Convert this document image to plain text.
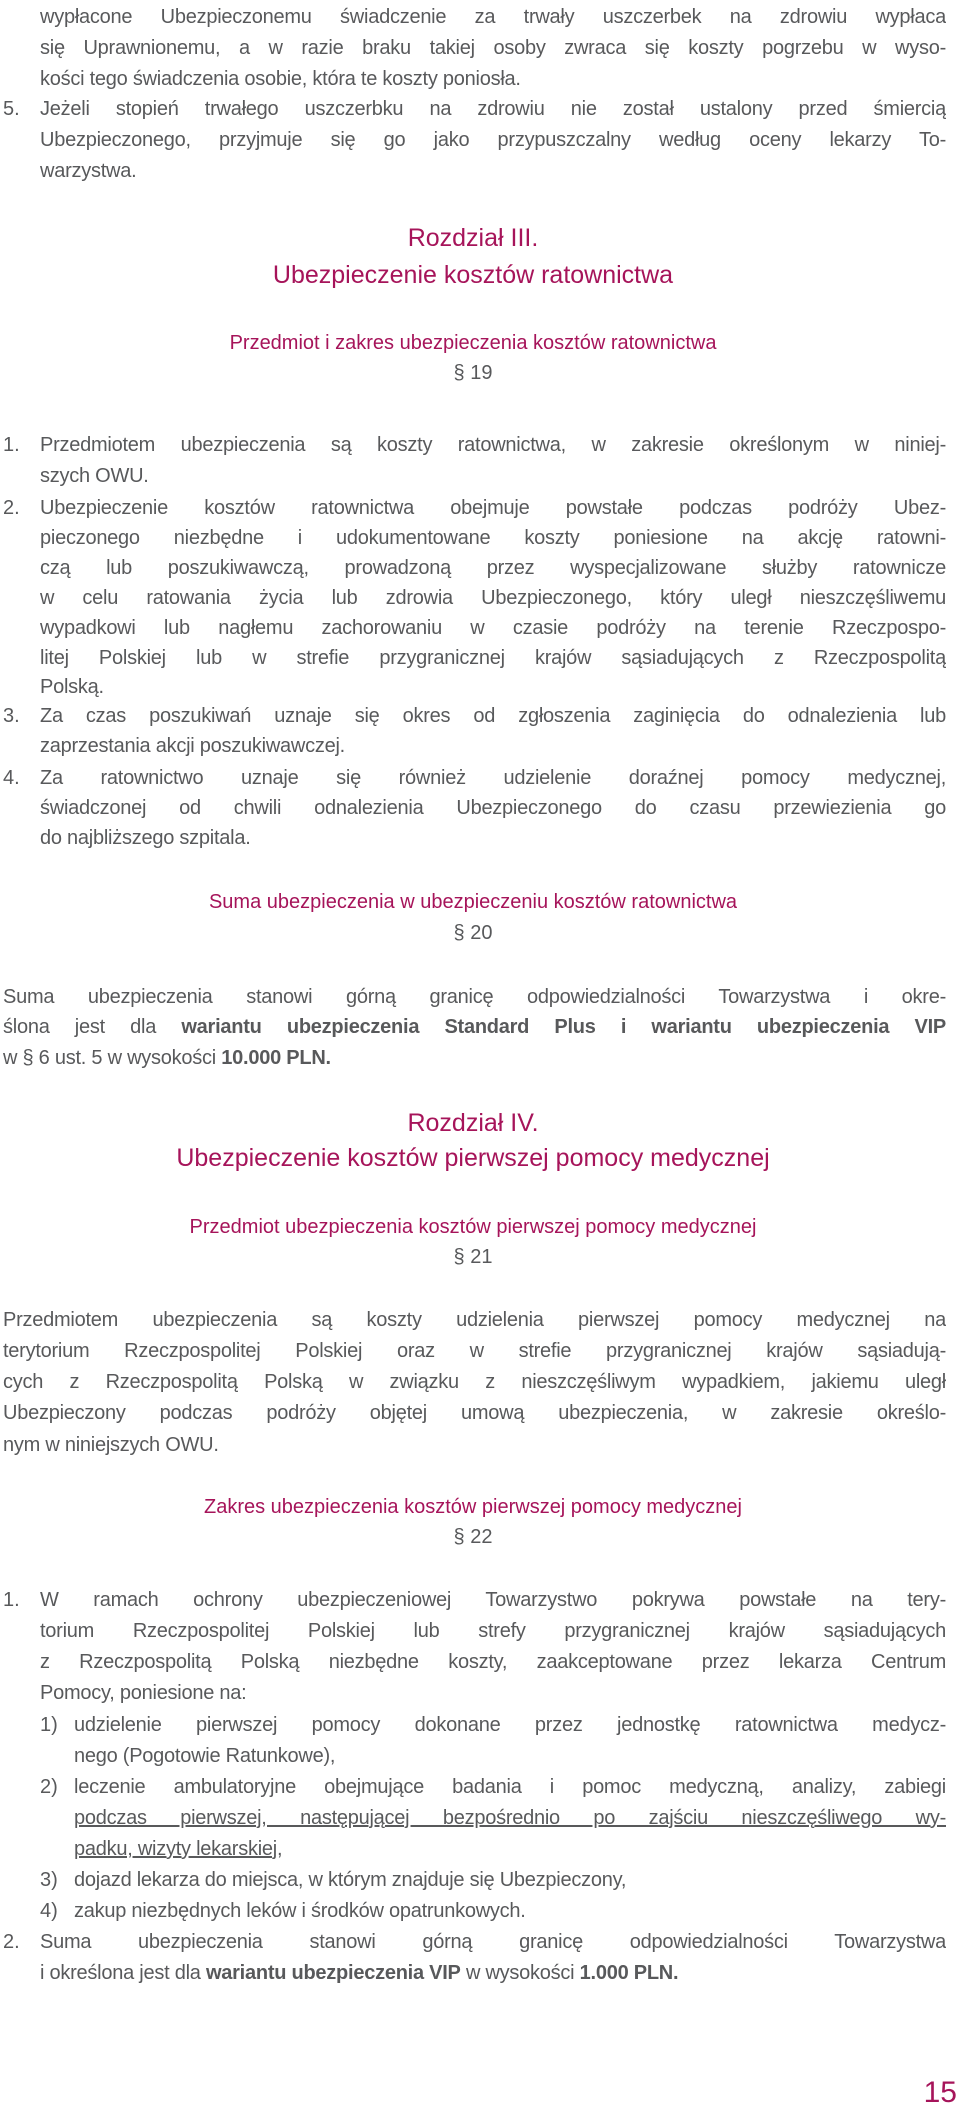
wypłacone Ubezpieczonemu świadczenie za trwały uszczerbek na zdrowiu wypłaca
się Uprawnionemu, a w razie braku takiej osoby zwraca się koszty pogrzebu w wyso-
kości tego świadczenia osobie, która te koszty poniosła.
5. Jeżeli stopień trwałego uszczerbku na zdrowiu nie został ustalony przed śmiercią
Ubezpieczonego, przyjmuje się go jako przypuszczalny według oceny lekarzy To-
warzystwa.
Rozdział III.
Ubezpieczenie kosztów ratownictwa
Przedmiot i zakres ubezpieczenia kosztów ratownictwa
§ 19
1. Przedmiotem ubezpieczenia są koszty ratownictwa, w zakresie określonym w niniej-
szych OWU.
2. Ubezpieczenie kosztów ratownictwa obejmuje powstałe podczas podróży Ubez-
pieczonego niezbędne i udokumentowane koszty poniesione na akcję ratowni-
czą lub poszukiwawczą, prowadzoną przez wyspecjalizowane służby ratownicze
w celu ratowania życia lub zdrowia Ubezpieczonego, który uległ nieszczęśliwemu
wypadkowi lub nagłemu zachorowaniu w czasie podróży na terenie Rzeczpospo-
litej Polskiej lub w strefie przygranicznej krajów sąsiadujących z Rzeczpospolitą
Polską.
3. Za czas poszukiwań uznaje się okres od zgłoszenia zaginięcia do odnalezienia lub
zaprzestania akcji poszukiwawczej.
4. Za ratownictwo uznaje się również udzielenie doraźnej pomocy medycznej,
świadczonej od chwili odnalezienia Ubezpieczonego do czasu przewiezienia go
do najbliższego szpitala.
Suma ubezpieczenia w ubezpieczeniu kosztów ratownictwa
§ 20
Suma ubezpieczenia stanowi górną granicę odpowiedzialności Towarzystwa i okre-
ślona jest dla wariantu ubezpieczenia Standard Plus i wariantu ubezpieczenia VIP
w § 6 ust. 5 w wysokości 10.000 PLN.
Rozdział IV.
Ubezpieczenie kosztów pierwszej pomocy medycznej
Przedmiot ubezpieczenia kosztów pierwszej pomocy medycznej
§ 21
Przedmiotem ubezpieczenia są koszty udzielenia pierwszej pomocy medycznej na
terytorium Rzeczpospolitej Polskiej oraz w strefie przygranicznej krajów sąsiadują-
cych z Rzeczpospolitą Polską w związku z nieszczęśliwym wypadkiem, jakiemu uległ
Ubezpieczony podczas podróży objętej umową ubezpieczenia, w zakresie określo-
nym w niniejszych OWU.
Zakres ubezpieczenia kosztów pierwszej pomocy medycznej
§ 22
1. W ramach ochrony ubezpieczeniowej Towarzystwo pokrywa powstałe na tery-
torium Rzeczpospolitej Polskiej lub strefy przygranicznej krajów sąsiadujących
z Rzeczpospolitą Polską niezbędne koszty, zaakceptowane przez lekarza Centrum
Pomocy, poniesione na:
1) udzielenie pierwszej pomocy dokonane przez jednostkę ratownictwa medycz-
nego (Pogotowie Ratunkowe),
2) leczenie ambulatoryjne obejmujące badania i pomoc medyczną, analizy, zabiegi
podczas pierwszej, następującej bezpośrednio po zajściu nieszczęśliwego wy-
padku, wizyty lekarskiej,
3) dojazd lekarza do miejsca, w którym znajduje się Ubezpieczony,
4) zakup niezbędnych leków i środków opatrunkowych.
2. Suma ubezpieczenia stanowi górną granicę odpowiedzialności Towarzystwa
i określona jest dla wariantu ubezpieczenia VIP w wysokości 1.000 PLN.
15
